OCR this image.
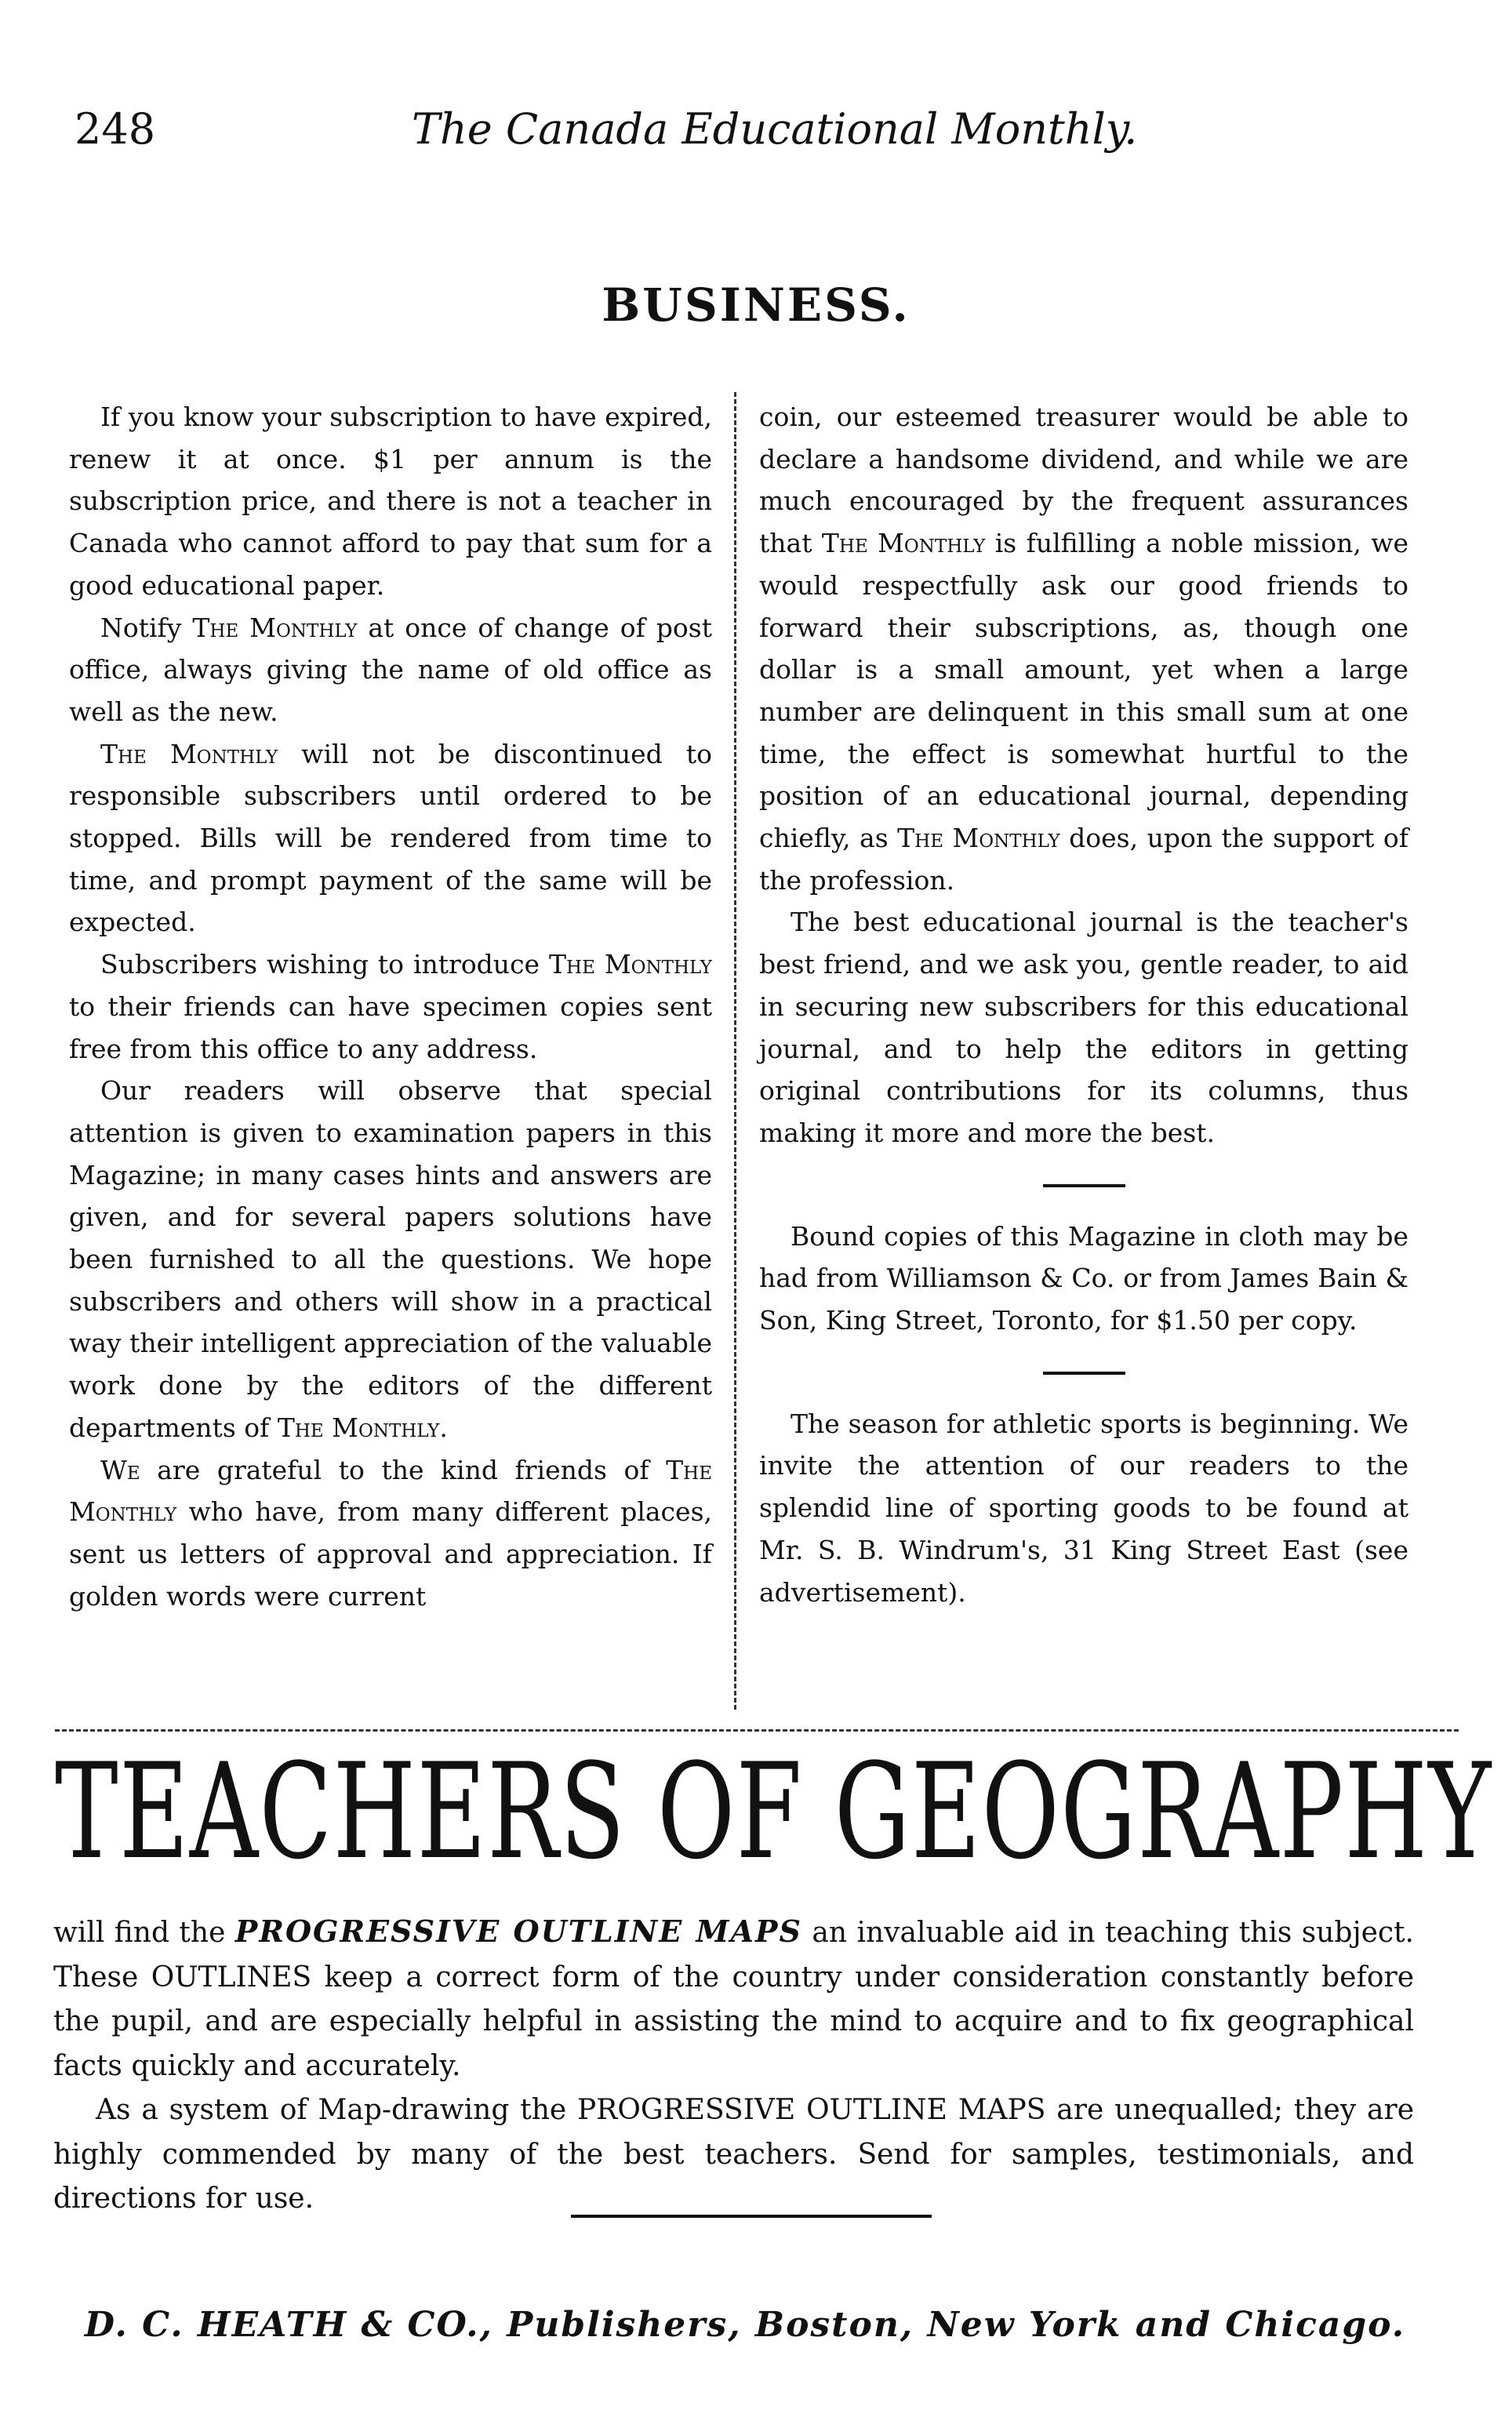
248	The Canada Educational Monthly.
BUSINESS.

If you know your subscription to have expired, renew it at once. $1 per annum is the subscription price, and there is not a teacher in Canada who cannot afford to pay that sum for a good educational paper.

Notify The Monthly at once of change of post office, always giving the name of old office as well as the new.

The Monthly will not be discontinued to responsible subscribers until ordered to be stopped. Bills will be rendered from time to time, and prompt payment of the same will be expected.

Subscribers wishing to introduce The Monthly to their friends can have specimen copies sent free from this office to any address.

Our readers will observe that special attention is given to examination papers in this Magazine; in many cases hints and answers are given, and for several papers solutions have been furnished to all the questions. We hope subscribers and others will show in a practical way their intelligent appreciation of the valuable work done by the editors of the different departments of The Monthly.

We are grateful to the kind friends of The Monthly who have, from many different places, sent us letters of approval and appreciation. If golden words were current

coin, our esteemed treasurer would be able to declare a handsome dividend, and while we are much encouraged by the frequent assurances that The Monthly is fulfilling a noble mission, we would respectfully ask our good friends to forward their subscriptions, as, though one dollar is a small amount, yet when a large number are delinquent in this small sum at one time, the effect is somewhat hurtful to the position of an educational journal, depending chiefly, as The Monthly does, upon the support of the profession.

The best educational journal is the teacher's best friend, and we ask you, gentle reader, to aid in securing new subscribers for this educational journal, and to help the editors in getting original contributions for its columns, thus making it more and more the best.

Bound copies of this Magazine in cloth may be had from Williamson & Co. or from James Bain & Son, King Street, Toronto, for $1.50 per copy.

The season for athletic sports is beginning. We invite the attention of our readers to the splendid line of sporting goods to be found at Mr. S. B. Windrum's, 31 King Street East (see advertisement).

TEACHERS OF GEOGRAPHY

will find the PROGRESSIVE OUTLINE MAPS an invaluable aid in teaching this subject. These OUTLINES keep a correct form of the country under consideration constantly before the pupil, and are especially helpful in assisting the mind to acquire and to fix geographical facts quickly and accurately.

As a system of Map-drawing the PROGRESSIVE OUTLINE MAPS are unequalled; they are highly commended by many of the best teachers. Send for samples, testimonials, and directions for use.

D. C. HEATH & CO., Publishers, Boston, New York and Chicago.
